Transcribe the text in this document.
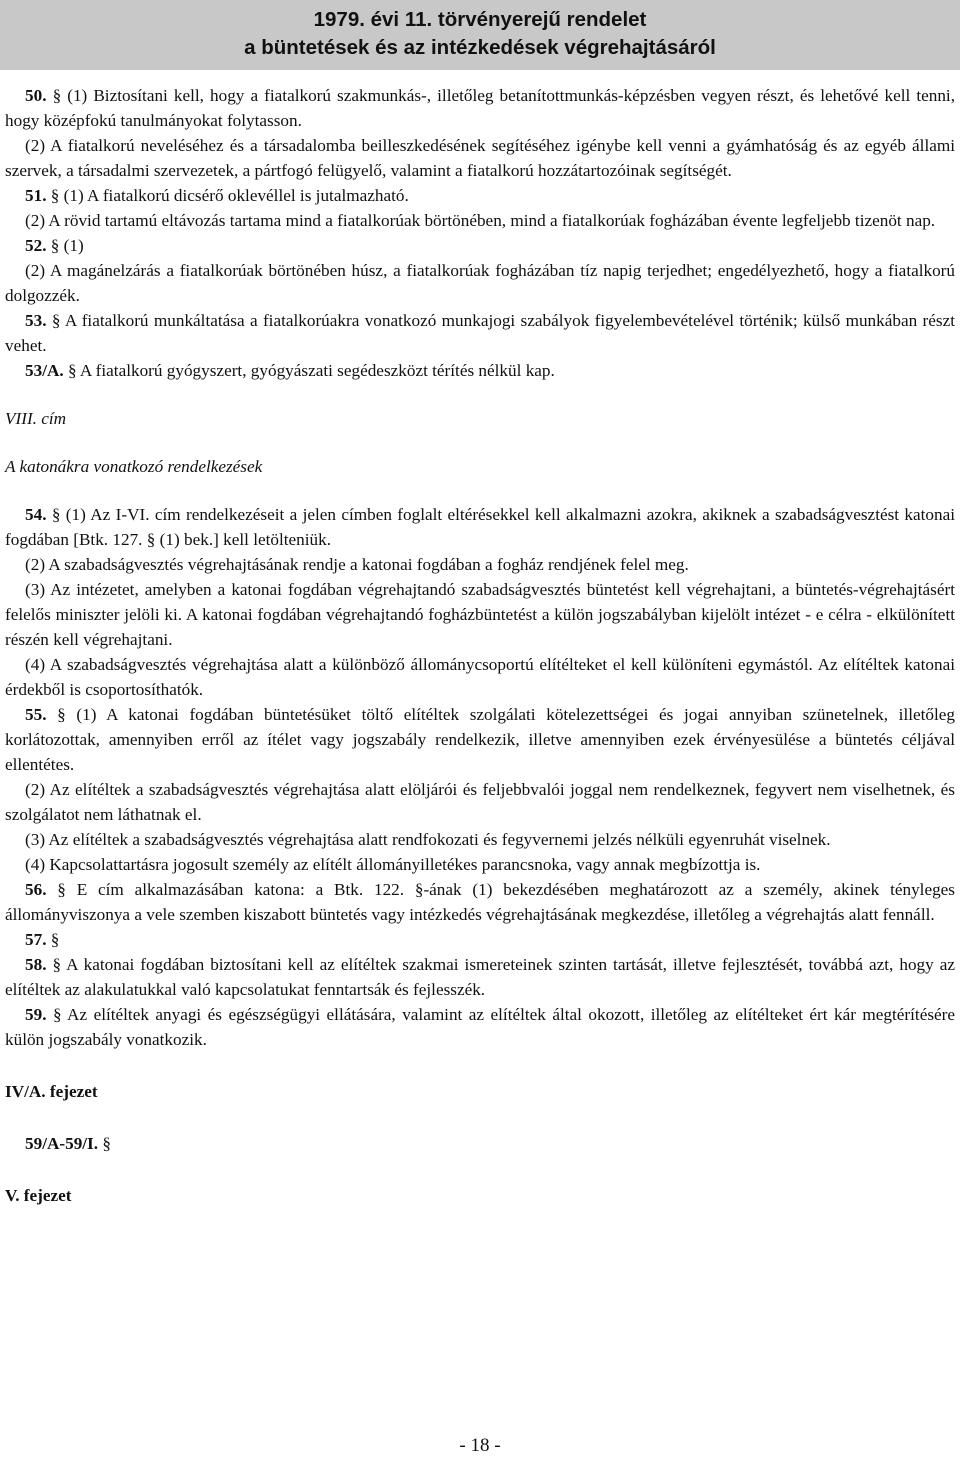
1979. évi 11. törvényerejű rendelet
a büntetések és az intézkedések végrehajtásáról

50. § (1) Biztosítani kell, hogy a fiatalkorú szakmunkás-, illetőleg betanítottmunkás-képzésben vegyen részt, és lehetővé kell tenni, hogy középfokú tanulmányokat folytasson.

(2) A fiatalkorú neveléséhez és a társadalomba beilleszkedésének segítéséhez igénybe kell venni a gyámhatóság és az egyéb állami szervek, a társadalmi szervezetek, a pártfogó felügyelő, valamint a fiatalkorú hozzátartozóinak segítségét.

51. § (1) A fiatalkorú dicsérő oklevéllel is jutalmazható.

(2) A rövid tartamú eltávozás tartama mind a fiatalkorúak börtönében, mind a fiatalkorúak fogházában évente legfeljebb tizenöt nap.

52. § (1)

(2) A magánelzárás a fiatalkorúak börtönében húsz, a fiatalkorúak fogházában tíz napig terjedhet; engedélyezhető, hogy a fiatalkorú dolgozzék.

53. § A fiatalkorú munkáltatása a fiatalkorúakra vonatkozó munkajogi szabályok figyelembevételével történik; külső munkában részt vehet.

53/A. § A fiatalkorú gyógyszert, gyógyászati segédeszközt térítés nélkül kap.

VIII. cím

A katonákra vonatkozó rendelkezések

54. § (1) Az I-VI. cím rendelkezéseit a jelen címben foglalt eltérésekkel kell alkalmazni azokra, akiknek a szabadságvesztést katonai fogdában [Btk. 127. § (1) bek.] kell letölteniük.

(2) A szabadságvesztés végrehajtásának rendje a katonai fogdában a fogház rendjének felel meg.

(3) Az intézetet, amelyben a katonai fogdában végrehajtandó szabadságvesztés büntetést kell végrehajtani, a büntetés-végrehajtásért felelős miniszter jelöli ki. A katonai fogdában végrehajtandó fogházbüntetést a külön jogszabályban kijelölt intézet - e célra - elkülönített részén kell végrehajtani.

(4) A szabadságvesztés végrehajtása alatt a különböző állománycsoportú elítélteket el kell különíteni egymástól. Az elítéltek katonai érdekből is csoportosíthatók.

55. § (1) A katonai fogdában büntetésüket töltő elítéltek szolgálati kötelezettségei és jogai annyiban szünetelnek, illetőleg korlátozottak, amennyiben erről az ítélet vagy jogszabály rendelkezik, illetve amennyiben ezek érvényesülése a büntetés céljával ellentétes.

(2) Az elítéltek a szabadságvesztés végrehajtása alatt elöljárói és feljebbvalói joggal nem rendelkeznek, fegyvert nem viselhetnek, és szolgálatot nem láthatnak el.

(3) Az elítéltek a szabadságvesztés végrehajtása alatt rendfokozati és fegyvernemi jelzés nélküli egyenruhát viselnek.

(4) Kapcsolattartásra jogosult személy az elítélt állományilletékes parancsnoka, vagy annak megbízottja is.

56. § E cím alkalmazásában katona: a Btk. 122. §-ának (1) bekezdésében meghatározott az a személy, akinek tényleges állományviszonya a vele szemben kiszabott büntetés vagy intézkedés végrehajtásának megkezdése, illetőleg a végrehajtás alatt fennáll.

57. §

58. § A katonai fogdában biztosítani kell az elítéltek szakmai ismereteinek szinten tartását, illetve fejlesztését, továbbá azt, hogy az elítéltek az alakulatukkal való kapcsolatukat fenntartsák és fejlesszék.

59. § Az elítéltek anyagi és egészségügyi ellátására, valamint az elítéltek által okozott, illetőleg az elítélteket ért kár megtérítésére külön jogszabály vonatkozik.

IV/A. fejezet

59/A-59/I. §

V. fejezet

- 18 -
